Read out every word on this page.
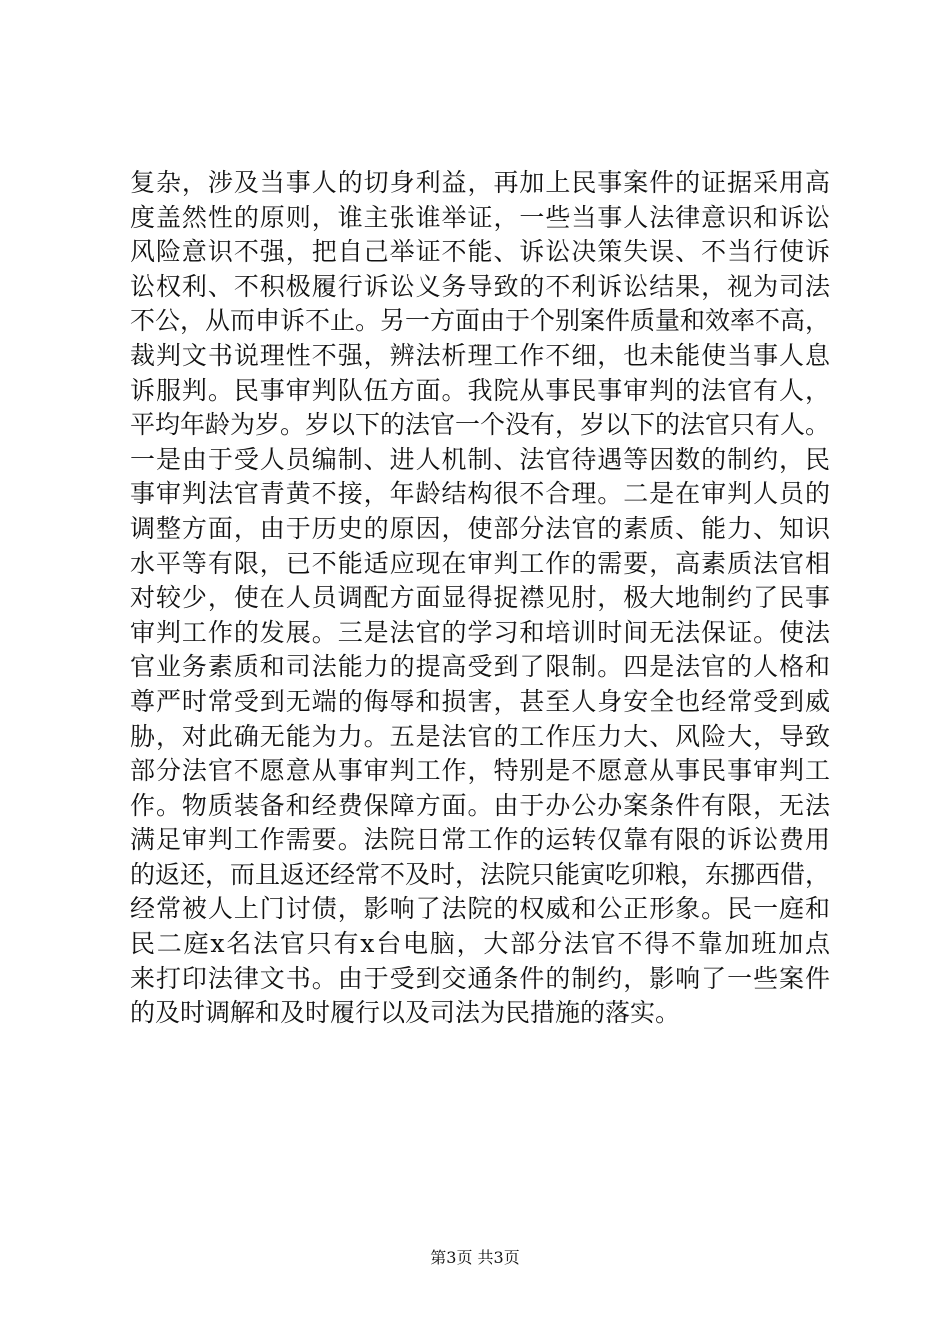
复杂，涉及当事人的切身利益，再加上民事案件的证据采用高
度盖然性的原则，谁主张谁举证，一些当事人法律意识和诉讼
风险意识不强，把自己举证不能、诉讼决策失误、不当行使诉
讼权利、不积极履行诉讼义务导致的不利诉讼结果，视为司法
不公，从而申诉不止。另一方面由于个别案件质量和效率不高，
裁判文书说理性不强，辨法析理工作不细，也未能使当事人息
诉服判。民事审判队伍方面。我院从事民事审判的法官有人，
平均年龄为岁。岁以下的法官一个没有，岁以下的法官只有人。
一是由于受人员编制、进人机制、法官待遇等因数的制约，民
事审判法官青黄不接，年龄结构很不合理。二是在审判人员的
调整方面，由于历史的原因，使部分法官的素质、能力、知识
水平等有限，已不能适应现在审判工作的需要，高素质法官相
对较少，使在人员调配方面显得捉襟见肘，极大地制约了民事
审判工作的发展。三是法官的学习和培训时间无法保证。使法
官业务素质和司法能力的提高受到了限制。四是法官的人格和
尊严时常受到无端的侮辱和损害，甚至人身安全也经常受到威
胁，对此确无能为力。五是法官的工作压力大、风险大，导致
部分法官不愿意从事审判工作，特别是不愿意从事民事审判工
作。物质装备和经费保障方面。由于办公办案条件有限，无法
满足审判工作需要。法院日常工作的运转仅靠有限的诉讼费用
的返还，而且返还经常不及时，法院只能寅吃卯粮，东挪西借，
经常被人上门讨债，影响了法院的权威和公正形象。民一庭和
民二庭x名法官只有x台电脑，大部分法官不得不靠加班加点
来打印法律文书。由于受到交通条件的制约，影响了一些案件
的及时调解和及时履行以及司法为民措施的落实。
第3页 共3页
